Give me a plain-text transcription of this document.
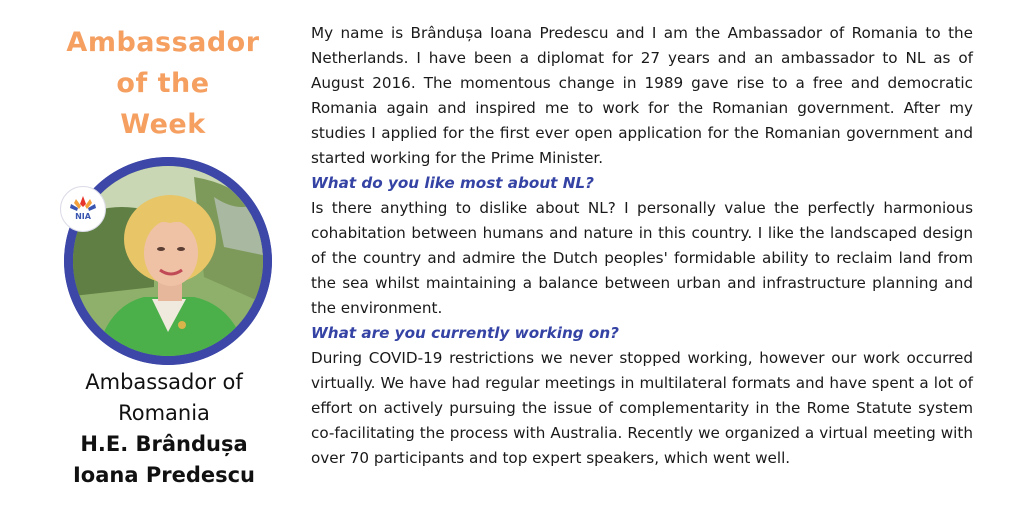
Ambassador
of the
Week
NIA
Ambassador of
Romania
H.E. Brândușa
Ioana Predescu

My name is Brândușa Ioana Predescu and I am the Ambassador of Romania to the Netherlands. I have been a diplomat for 27 years and an ambassador to NL as of August 2016. The momentous change in 1989 gave rise to a free and democratic Romania again and inspired me to work for the Romanian government. After my studies I applied for the first ever open application for the Romanian government and started working for the Prime Minister.

What do you like most about NL?

Is there anything to dislike about NL? I personally value the perfectly harmonious cohabitation between humans and nature in this country. I like the landscaped design of the country and admire the Dutch peoples' formidable ability to reclaim land from the sea whilst maintaining a balance between urban and infrastructure planning and the environment.

What are you currently working on?

During COVID-19 restrictions we never stopped working, however our work occurred virtually. We have had regular meetings in multilateral formats and have spent a lot of effort on actively pursuing the issue of complementarity in the Rome Statute system co-facilitating the process with Australia. Recently we organized a virtual meeting with over 70 participants and top expert speakers, which went well.
